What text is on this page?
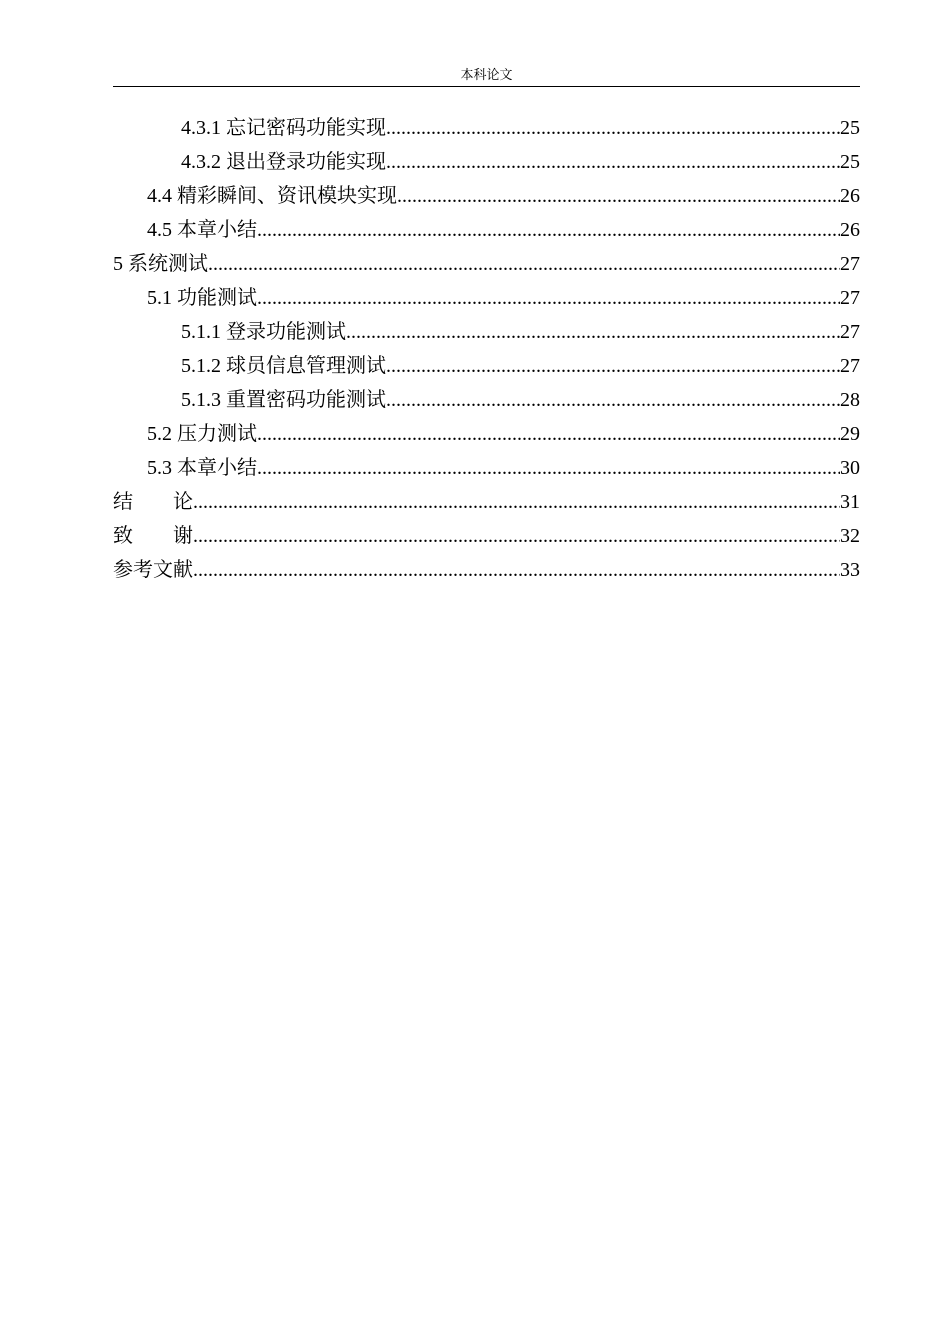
本科论文
4.3.1 忘记密码功能实现 .....	25
4.3.2 退出登录功能实现 .....	25
4.4 精彩瞬间、资讯模块实现 .....	26
4.5 本章小结 .....	26
5 系统测试 .....	27
5.1 功能测试 .....	27
5.1.1 登录功能测试 .....	27
5.1.2 球员信息管理测试 .....	27
5.1.3 重置密码功能测试 .....	28
5.2 压力测试 .....	29
5.3 本章小结 .....	30
结　　论 .....	31
致　　谢 .....	32
参考文献 .....	33
